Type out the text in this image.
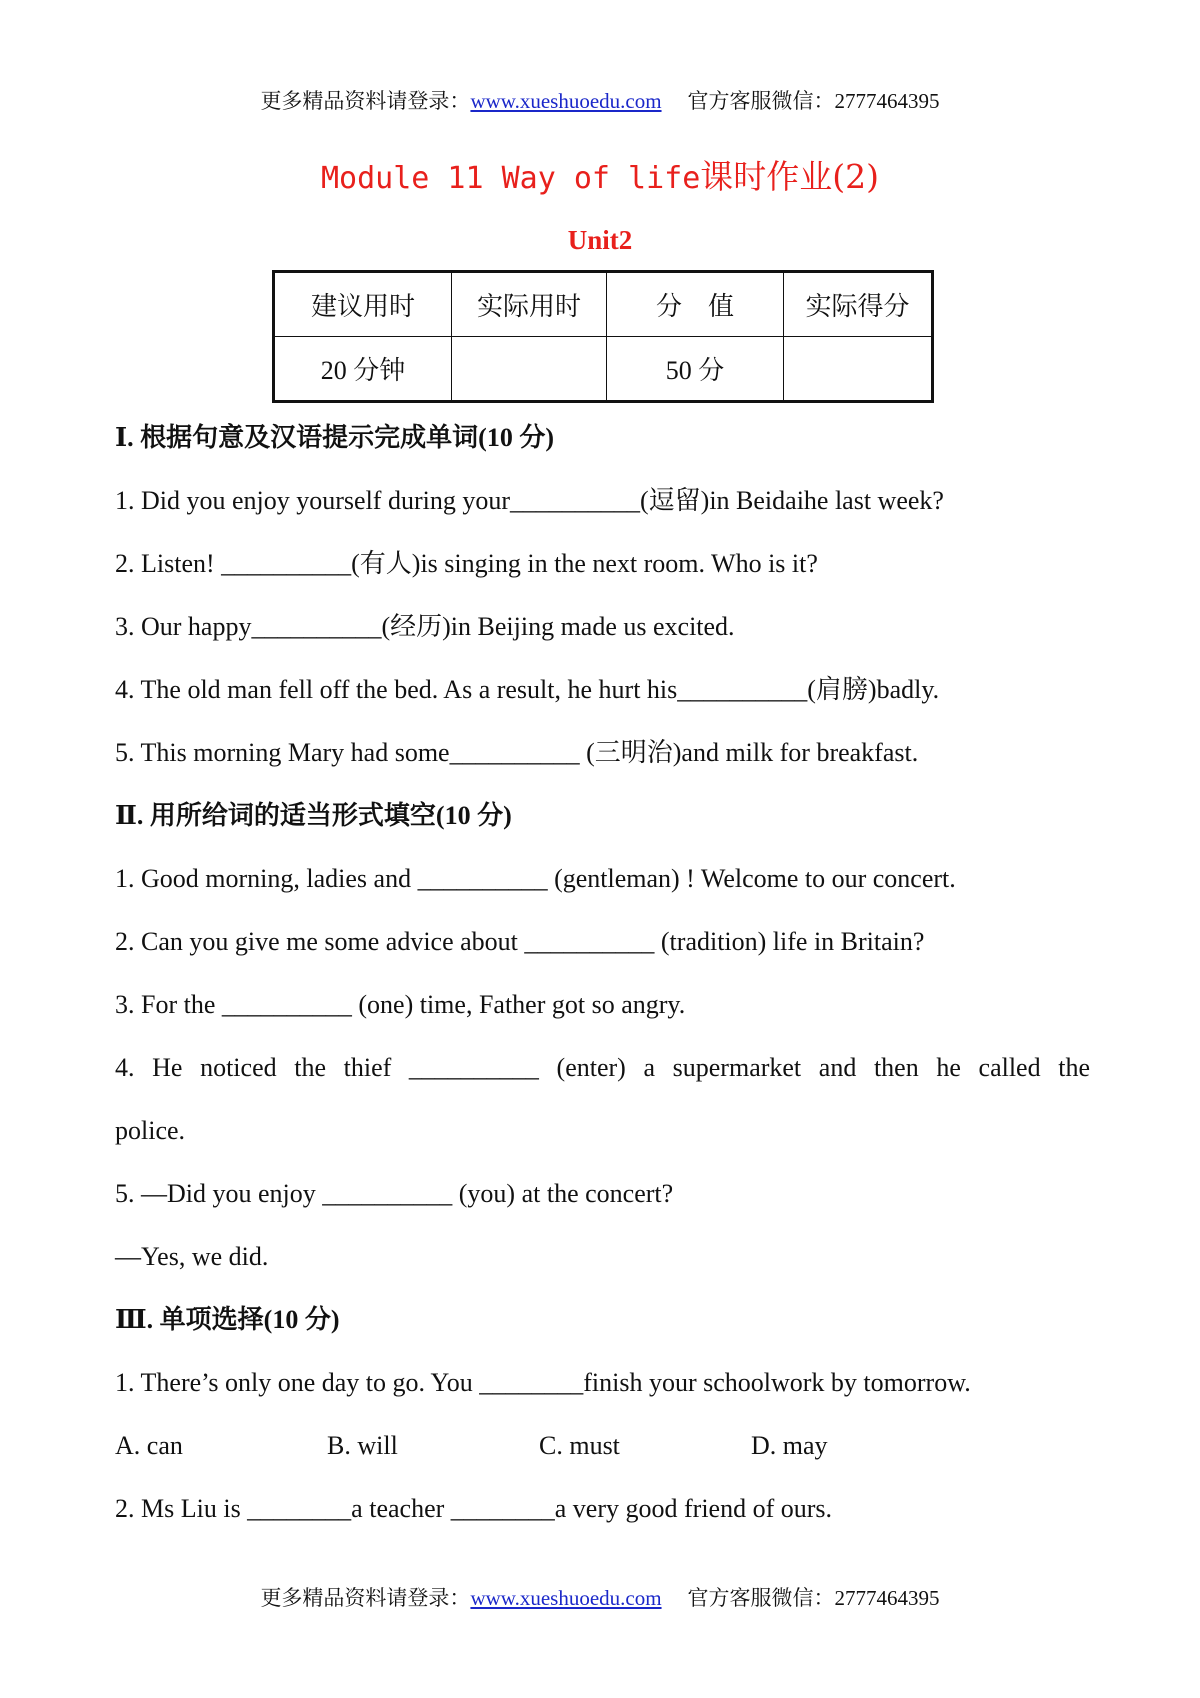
更多精品资料请登录：www.xueshuoedu.com 官方客服微信：2777464395
Module 11 Way of life课时作业(2)
Unit2
建议用时	实际用时	分　值	实际得分
20 分钟		50 分	
Ⅰ. 根据句意及汉语提示完成单词(10 分)
1. Did you enjoy yourself during your__________(逗留)in Beidaihe last week?
2. Listen! __________(有人)is singing in the next room. Who is it?
3. Our happy__________(经历)in Beijing made us excited.
4. The old man fell off the bed. As a result, he hurt his__________(肩膀)badly.
5. This morning Mary had some__________ (三明治)and milk for breakfast.
Ⅱ. 用所给词的适当形式填空(10 分)
1. Good morning, ladies and __________ (gentleman) ! Welcome to our concert.
2. Can you give me some advice about __________ (tradition) life in Britain?
3. For the __________ (one) time, Father got so angry.
4. He noticed the thief __________ (enter) a supermarket and then he called the
police.
5. —Did you enjoy __________ (you) at the concert?
—Yes, we did.
Ⅲ. 单项选择(10 分)
1. There’s only one day to go. You ________finish your schoolwork by tomorrow.
A. can	B. will	C. must	D. may
2. Ms Liu is ________a teacher ________a very good friend of ours.
更多精品资料请登录：www.xueshuoedu.com 官方客服微信：2777464395
